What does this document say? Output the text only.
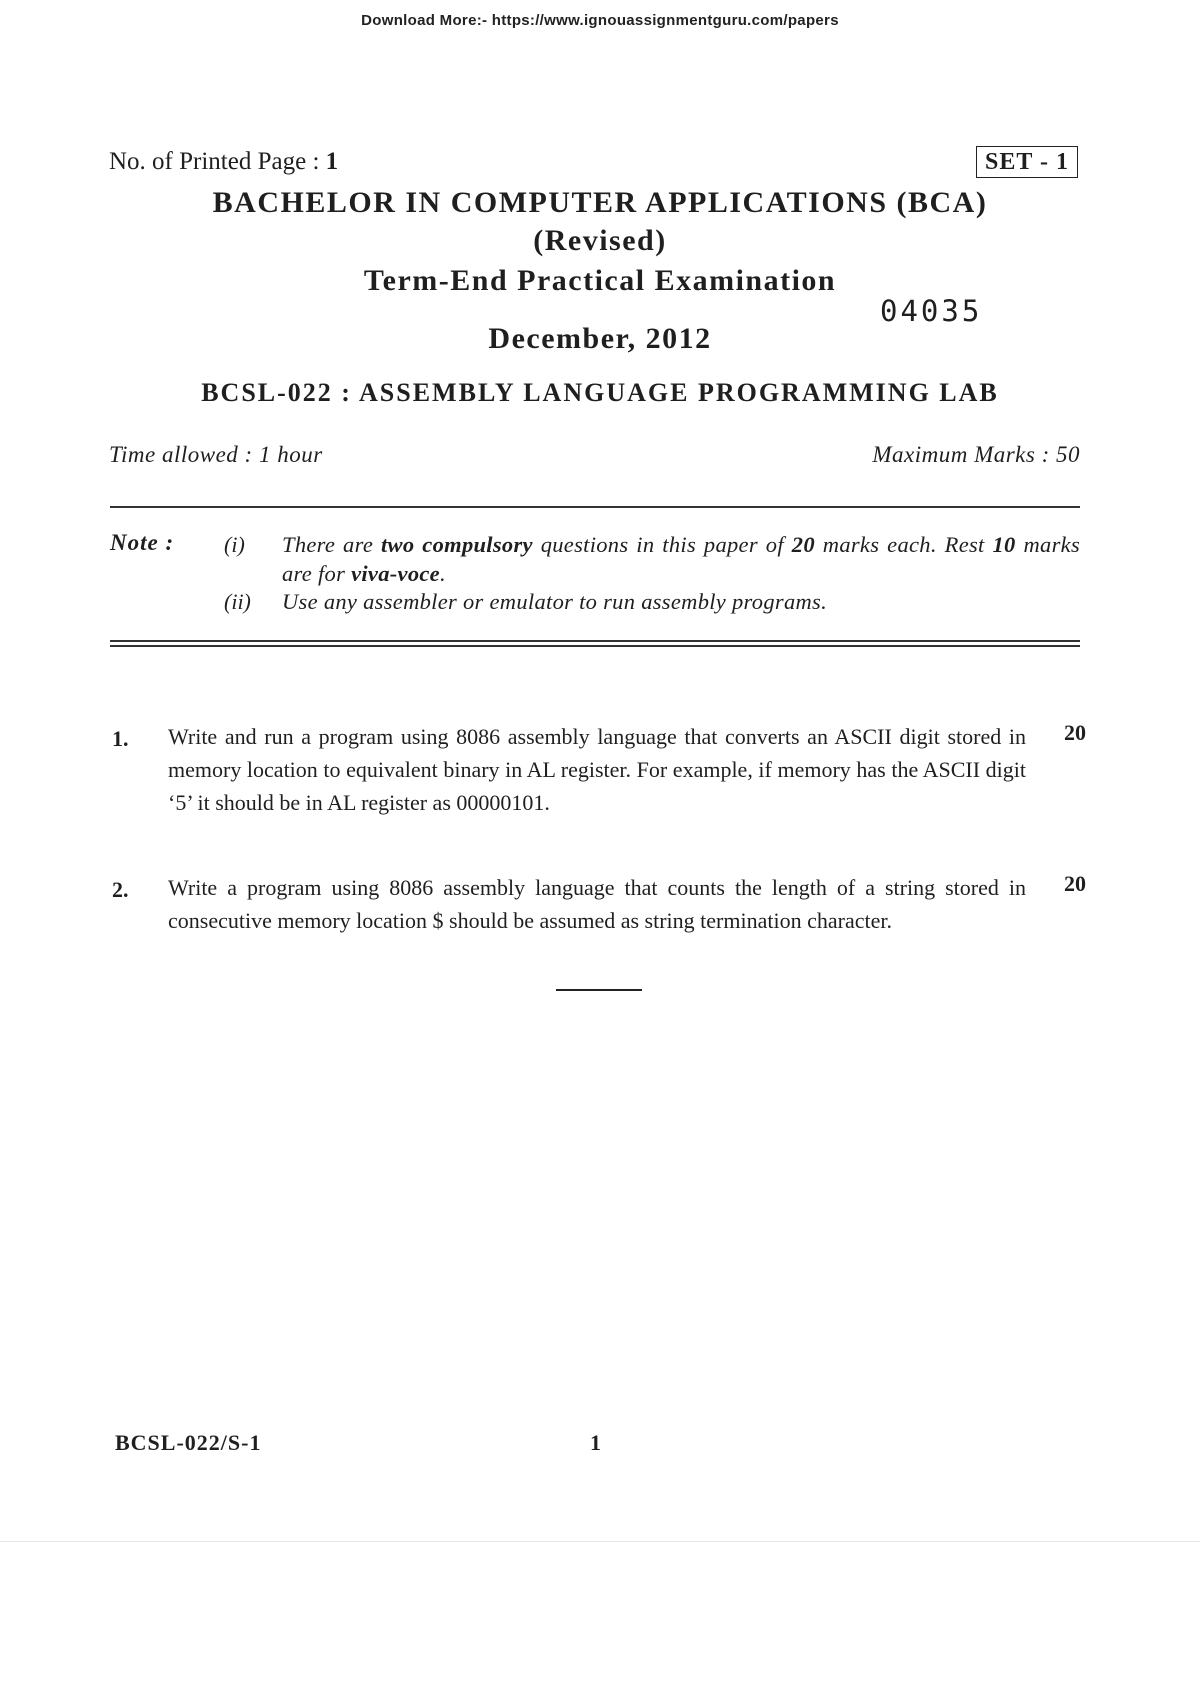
Download More:- https://www.ignouassignmentguru.com/papers
No. of Printed Page : 1	SET - 1
BACHELOR IN COMPUTER APPLICATIONS (BCA)
(Revised)
Term-End Practical Examination
04035
December, 2012
BCSL-022 : ASSEMBLY LANGUAGE PROGRAMMING LAB
Time allowed : 1 hour	Maximum Marks : 50
Note : (i) There are two compulsory questions in this paper of 20 marks each. Rest 10 marks are for viva-voce.
(ii) Use any assembler or emulator to run assembly programs.
1. Write and run a program using 8086 assembly language that converts an ASCII digit stored in memory location to equivalent binary in AL register. For example, if memory has the ASCII digit ‘5’ it should be in AL register as 00000101.
20
2. Write a program using 8086 assembly language that counts the length of a string stored in consecutive memory location $ should be assumed as string termination character.
20
BCSL-022/S-1	1
